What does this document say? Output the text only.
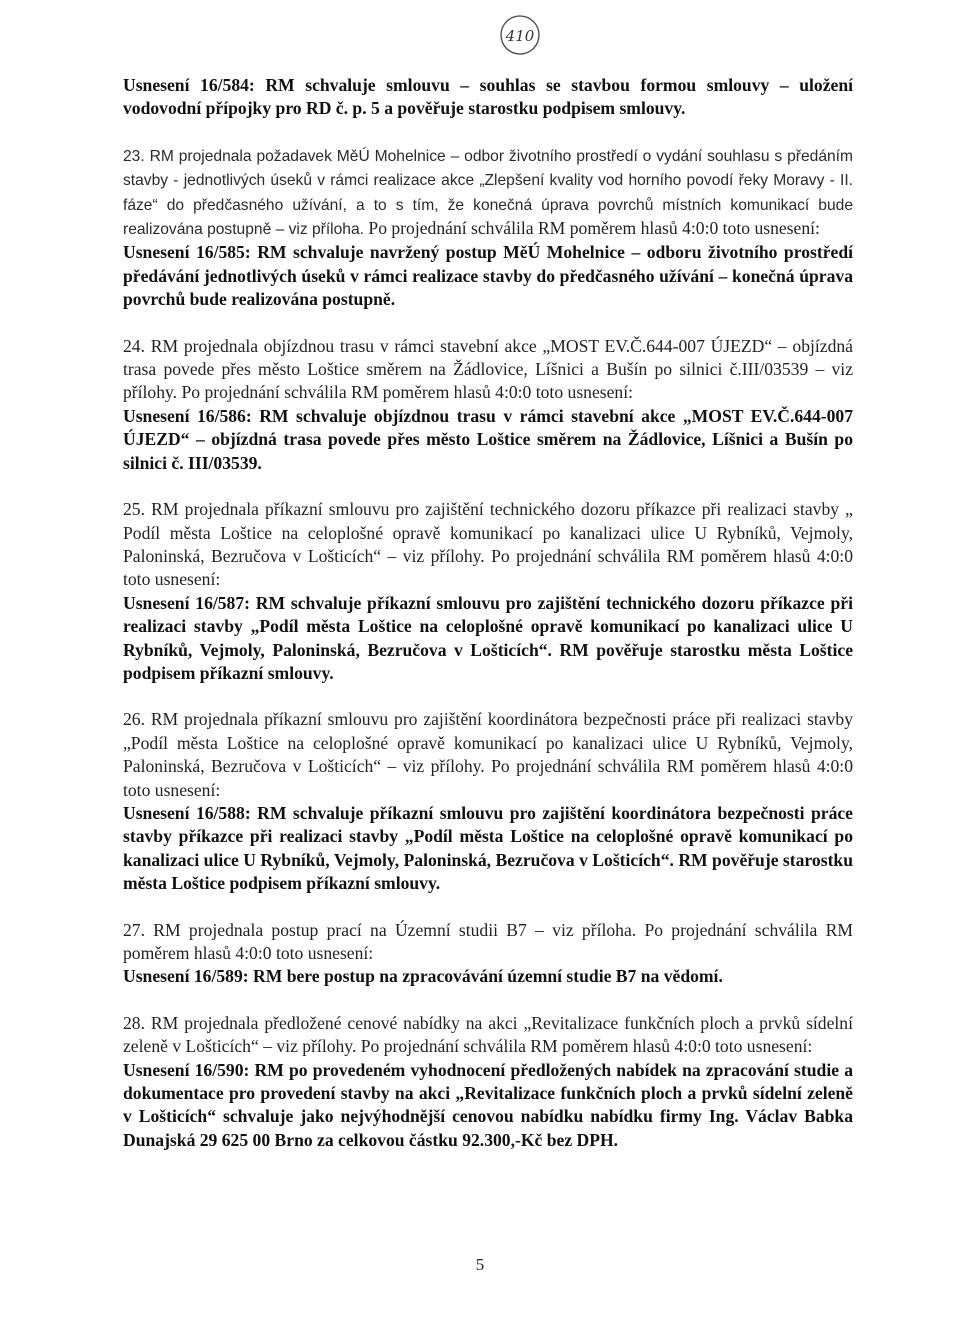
410

Usnesení 16/584: RM schvaluje smlouvu – souhlas se stavbou formou smlouvy – uložení vodovodní přípojky pro RD č. p. 5 a pověřuje starostku podpisem smlouvy.

23. RM projednala požadavek MěÚ Mohelnice – odbor životního prostředí o vydání souhlasu s předáním stavby - jednotlivých úseků v rámci realizace akce „Zlepšení kvality vod horního povodí řeky Moravy - II. fáze“ do předčasného užívání, a to s tím, že konečná úprava povrchů místních komunikací bude realizována postupně – viz příloha. Po projednání schválila RM poměrem hlasů 4:0:0 toto usnesení:
Usnesení 16/585: RM schvaluje navržený postup MěÚ Mohelnice – odboru životního prostředí předávání jednotlivých úseků v rámci realizace stavby do předčasného užívání – konečná úprava povrchů bude realizována postupně.

24. RM projednala objízdnou trasu v rámci stavební akce „MOST EV.Č.644-007 ÚJEZD“ – objízdná trasa povede přes město Loštice směrem na Žádlovice, Líšnici a Bušín po silnici č.III/03539 – viz přílohy. Po projednání schválila RM poměrem hlasů 4:0:0 toto usnesení:
Usnesení 16/586: RM schvaluje objízdnou trasu v rámci stavební akce „MOST EV.Č.644-007 ÚJEZD“ – objízdná trasa povede přes město Loštice směrem na Žádlovice, Líšnici a Bušín po silnici č. III/03539.

25. RM projednala příkazní smlouvu pro zajištění technického dozoru příkazce při realizaci stavby „ Podíl města Loštice na celoplošné opravě komunikací po kanalizaci ulice U Rybníků, Vejmoly, Paloninská, Bezručova v Lošticích“ – viz přílohy. Po projednání schválila RM poměrem hlasů 4:0:0 toto usnesení:
Usnesení 16/587: RM schvaluje příkazní smlouvu pro zajištění technického dozoru příkazce při realizaci stavby „Podíl města Loštice na celoplošné opravě komunikací po kanalizaci ulice U Rybníků, Vejmoly, Paloninská, Bezručova v Lošticích“. RM pověřuje starostku města Loštice podpisem příkazní smlouvy.

26. RM projednala příkazní smlouvu pro zajištění koordinátora bezpečnosti práce při realizaci stavby „Podíl města Loštice na celoplošné opravě komunikací po kanalizaci ulice U Rybníků, Vejmoly, Paloninská, Bezručova v Lošticích“ – viz přílohy. Po projednání schválila RM poměrem hlasů 4:0:0 toto usnesení:
Usnesení 16/588: RM schvaluje příkazní smlouvu pro zajištění koordinátora bezpečnosti práce stavby příkazce při realizaci stavby „Podíl města Loštice na celoplošné opravě komunikací po kanalizaci ulice U Rybníků, Vejmoly, Paloninská, Bezručova v Lošticích“. RM pověřuje starostku města Loštice podpisem příkazní smlouvy.

27. RM projednala postup prací na Územní studii B7 – viz příloha. Po projednání schválila RM poměrem hlasů 4:0:0 toto usnesení:
Usnesení 16/589: RM bere postup na zpracovávání územní studie B7 na vědomí.

28. RM projednala předložené cenové nabídky na akci „Revitalizace funkčních ploch a prvků sídelní zeleně v Lošticích“ – viz přílohy. Po projednání schválila RM poměrem hlasů 4:0:0 toto usnesení:
Usnesení 16/590: RM po provedeném vyhodnocení předložených nabídek na zpracování studie a dokumentace pro provedení stavby na akci „Revitalizace funkčních ploch a prvků sídelní zeleně v Lošticích“ schvaluje jako nejvýhodnější cenovou nabídku nabídku firmy Ing. Václav Babka Dunajská 29 625 00 Brno za celkovou částku 92.300,-Kč bez DPH.

5
